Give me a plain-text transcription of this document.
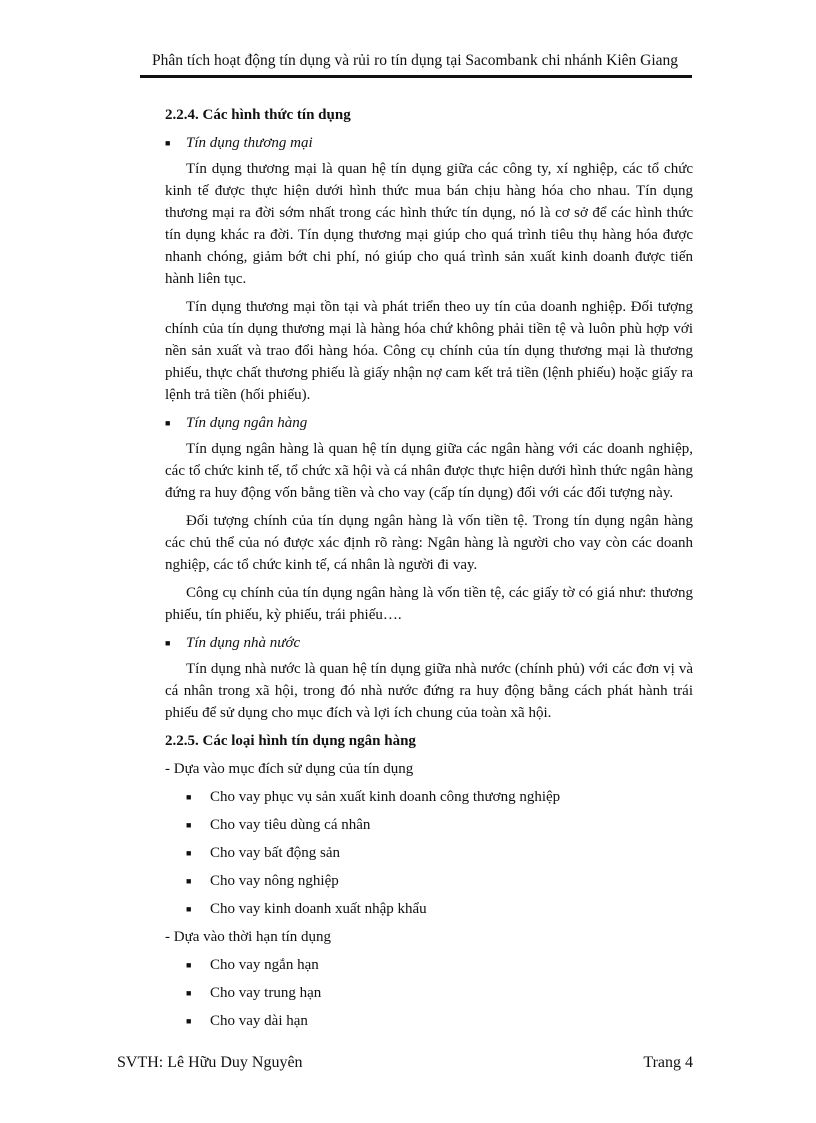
Phân tích hoạt động tín dụng và rủi ro tín dụng tại Sacombank chi nhánh Kiên Giang
2.2.4. Các hình thức tín dụng
■	Tín dụng thương mại

Tín dụng thương mại là quan hệ tín dụng giữa các công ty, xí nghiệp, các tổ chức kinh tế được thực hiện dưới hình thức mua bán chịu hàng hóa cho nhau. Tín dụng thương mại ra đời sớm nhất trong các hình thức tín dụng, nó là cơ sở để các hình thức tín dụng khác ra đời. Tín dụng thương mại giúp cho quá trình tiêu thụ hàng hóa được nhanh chóng, giảm bớt chi phí, nó giúp cho quá trình sản xuất kinh doanh được tiến hành liên tục.

Tín dụng thương mại tồn tại và phát triển theo uy tín của doanh nghiệp. Đối tượng chính của tín dụng thương mại là hàng hóa chứ không phải tiền tệ và luôn phù hợp với nền sản xuất và trao đổi hàng hóa. Công cụ chính của tín dụng thương mại là thương phiếu, thực chất thương phiếu là giấy nhận nợ cam kết trả tiền (lệnh phiếu) hoặc giấy ra lệnh trả tiền (hối phiếu).

■	Tín dụng ngân hàng

Tín dụng ngân hàng là quan hệ tín dụng giữa các ngân hàng với các doanh nghiệp, các tổ chức kinh tế, tổ chức xã hội và cá nhân được thực hiện dưới hình thức ngân hàng đứng ra huy động vốn bằng tiền và cho vay (cấp tín dụng) đối với các đối tượng này.

Đối tượng chính của tín dụng ngân hàng là vốn tiền tệ. Trong tín dụng ngân hàng các chủ thể của nó được xác định rõ ràng: Ngân hàng là người cho vay còn các doanh nghiệp, các tổ chức kinh tế, cá nhân là người đi vay.

Công cụ chính của tín dụng ngân hàng là vốn tiền tệ, các giấy tờ có giá như: thương phiếu, tín phiếu, kỳ phiếu, trái phiếu….

■	Tín dụng nhà nước

Tín dụng nhà nước là quan hệ tín dụng giữa nhà nước (chính phủ) với các đơn vị và cá nhân trong xã hội, trong đó nhà nước đứng ra huy động bằng cách phát hành trái phiếu để sử dụng cho mục đích và lợi ích chung của toàn xã hội.

2.2.5. Các loại hình tín dụng ngân hàng
- Dựa vào mục đích sử dụng của tín dụng
■	Cho vay phục vụ sản xuất kinh doanh công thương nghiệp
■	Cho vay tiêu dùng cá nhân
■	Cho vay bất động sản
■	Cho vay nông nghiệp
■	Cho vay kinh doanh xuất nhập khẩu
- Dựa vào thời hạn tín dụng
■	Cho vay ngắn hạn
■	Cho vay trung hạn
■	Cho vay dài hạn
SVTH: Lê Hữu Duy Nguyên	Trang 4
